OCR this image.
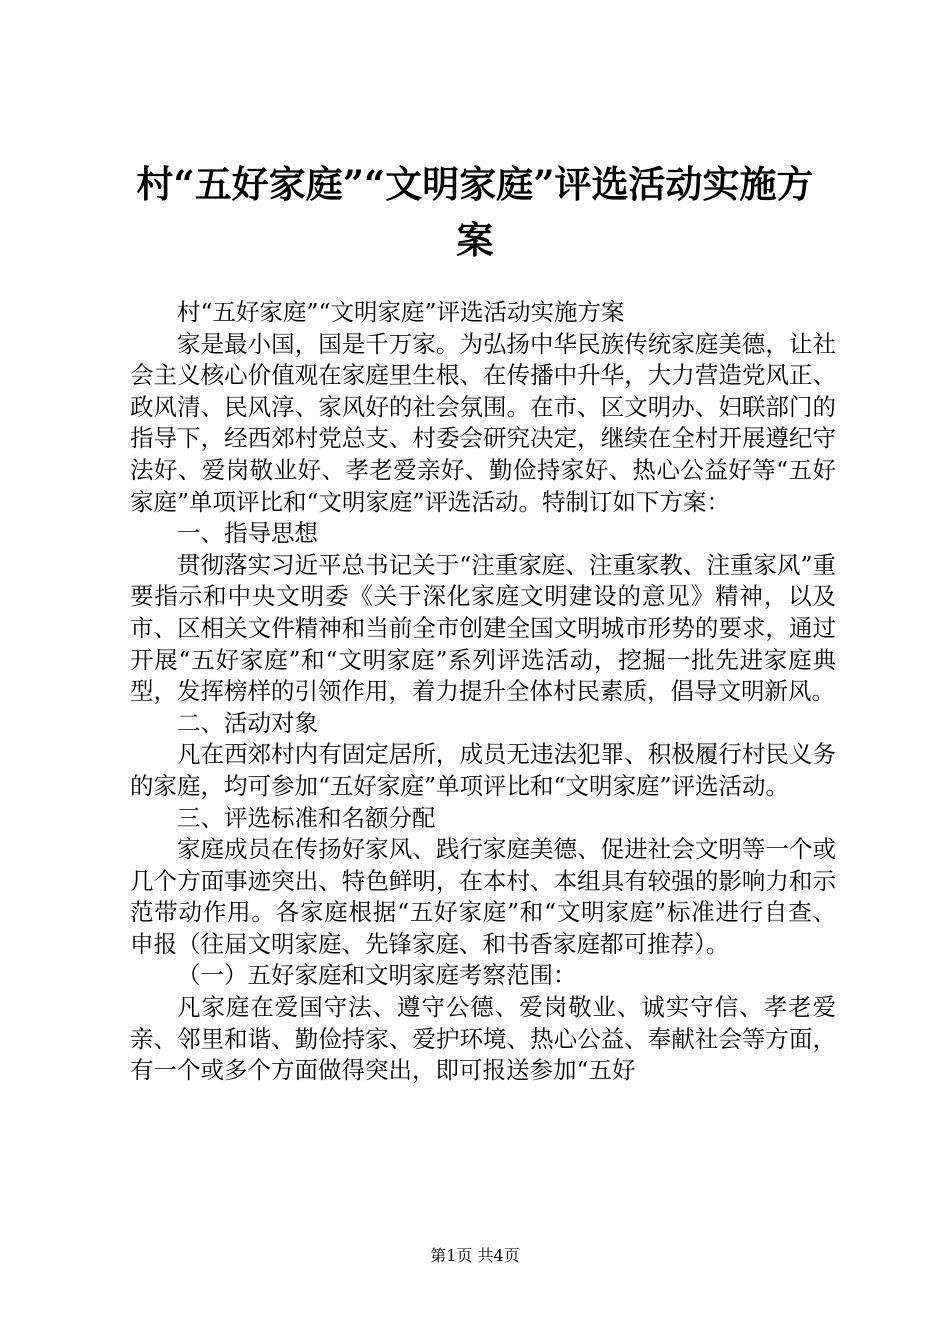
村“五好家庭”“文明家庭”评选活动实施方
案

村“五好家庭”“文明家庭”评选活动实施方案

家是最小国，国是千万家。为弘扬中华民族传统家庭美德，让社会主义核心价值观在家庭里生根、在传播中升华，大力营造党风正、政风清、民风淳、家风好的社会氛围。在市、区文明办、妇联部门的指导下，经西郊村党总支、村委会研究决定，继续在全村开展遵纪守法好、爱岗敬业好、孝老爱亲好、勤俭持家好、热心公益好等“五好家庭”单项评比和“文明家庭”评选活动。特制订如下方案：

一、指导思想

贯彻落实习近平总书记关于“注重家庭、注重家教、注重家风”重要指示和中央文明委《关于深化家庭文明建设的意见》精神，以及市、区相关文件精神和当前全市创建全国文明城市形势的要求，通过开展“五好家庭”和“文明家庭”系列评选活动，挖掘一批先进家庭典型，发挥榜样的引领作用，着力提升全体村民素质，倡导文明新风。

二、活动对象

凡在西郊村内有固定居所，成员无违法犯罪、积极履行村民义务的家庭，均可参加“五好家庭”单项评比和“文明家庭”评选活动。

三、评选标准和名额分配

家庭成员在传扬好家风、践行家庭美德、促进社会文明等一个或几个方面事迹突出、特色鲜明，在本村、本组具有较强的影响力和示范带动作用。各家庭根据“五好家庭”和“文明家庭”标准进行自查、申报（往届文明家庭、先锋家庭、和书香家庭都可推荐）。

（一）五好家庭和文明家庭考察范围：

凡家庭在爱国守法、遵守公德、爱岗敬业、诚实守信、孝老爱亲、邻里和谐、勤俭持家、爱护环境、热心公益、奉献社会等方面，有一个或多个方面做得突出，即可报送参加“五好

第1页 共4页
